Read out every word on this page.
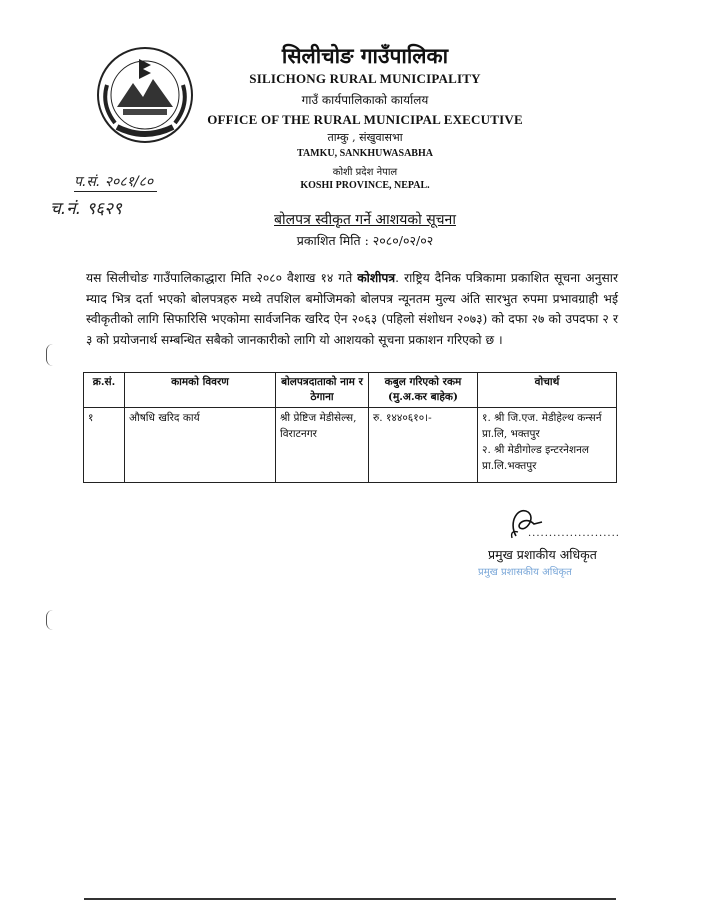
सिलीचोङ गाउँपालिका
SILICHONG RURAL MUNICIPALITY
गाउँ कार्यपालिकाको कार्यालय
OFFICE OF THE RURAL MUNICIPAL EXECUTIVE
ताम्कु , संखुवासभा
TAMKU, SANKHUWASABHA
कोशी प्रदेश नेपाल
KOSHI PROVINCE, NEPAL.
प.सं. २०८१/८०
च.नं. ९६२९
बोलपत्र स्वीकृत गर्ने आशयको सूचना
प्रकाशित मिति : २०८०/०२/०२
यस सिलीचोङ गाउँपालिकाद्धारा मिति २०८० वैशाख १४ गते कोशीपत्र. राष्ट्रिय दैनिक पत्रिकामा प्रकाशित सूचना अनुसार म्याद भित्र दर्ता भएको बोलपत्रहरु मध्ये तपशिल बमोजिमको बोलपत्र न्यूनतम मुल्य अंति सारभुत रुपमा प्रभावग्राही भई स्वीकृतीको लागि सिफारिसि भएकोमा सार्वजनिक खरिद ऐन २०६३ (पहिलो संशोधन २०७३) को दफा २७ को उपदफा २ र ३ को प्रयोजनार्थ सम्बन्धित सबैको जानकारीको लागि यो आशयको सूचना प्रकाशन गरिएको छ ।
क्र.सं.	कामको विवरण	बोलपत्रदाताको नाम र ठेगाना	कबुल गरिएको रकम (मु.अ.कर बाहेक)	वोचार्थ
१	औषधि खरिद कार्य	श्री प्रेष्टिज मेडीसेल्स, विराटनगर	रु. १४४०६१०।-	१. श्री जि.एज. मेडीहेल्थ कन्सर्न प्रा.लि, भक्तपुर
२. श्री मेडीगोल्ड इन्टरनेशनल प्रा.लि.भक्तपुर
......................
प्रमुख प्रशाकीय अधिकृत
प्रमुख प्रशासकीय अधिकृत
